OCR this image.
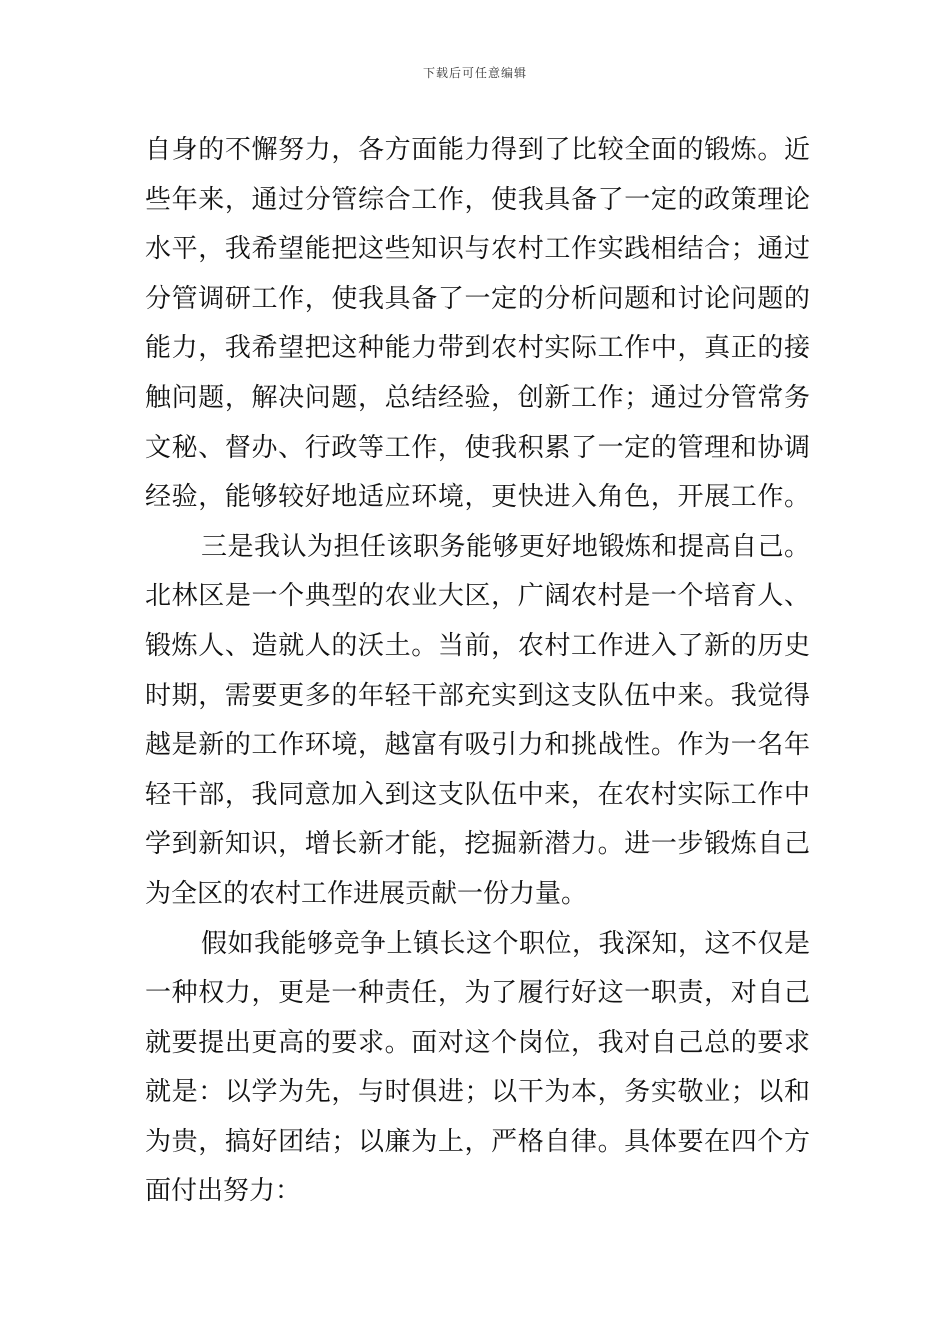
下载后可任意编辑
自身的不懈努力，各方面能力得到了比较全面的锻炼。近
些年来，通过分管综合工作，使我具备了一定的政策理论
水平，我希望能把这些知识与农村工作实践相结合；通过
分管调研工作，使我具备了一定的分析问题和讨论问题的
能力，我希望把这种能力带到农村实际工作中，真正的接
触问题，解决问题，总结经验，创新工作；通过分管常务
文秘、督办、行政等工作，使我积累了一定的管理和协调
经验，能够较好地适应环境，更快进入角色，开展工作。
三是我认为担任该职务能够更好地锻炼和提高自己。
北林区是一个典型的农业大区，广阔农村是一个培育人、
锻炼人、造就人的沃土。当前，农村工作进入了新的历史
时期，需要更多的年轻干部充实到这支队伍中来。我觉得
越是新的工作环境，越富有吸引力和挑战性。作为一名年
轻干部，我同意加入到这支队伍中来，在农村实际工作中
学到新知识，增长新才能，挖掘新潜力。进一步锻炼自己
为全区的农村工作进展贡献一份力量。
假如我能够竞争上镇长这个职位，我深知，这不仅是
一种权力，更是一种责任，为了履行好这一职责，对自己
就要提出更高的要求。面对这个岗位，我对自己总的要求
就是：以学为先，与时俱进；以干为本，务实敬业；以和
为贵，搞好团结；以廉为上，严格自律。具体要在四个方
面付出努力：
